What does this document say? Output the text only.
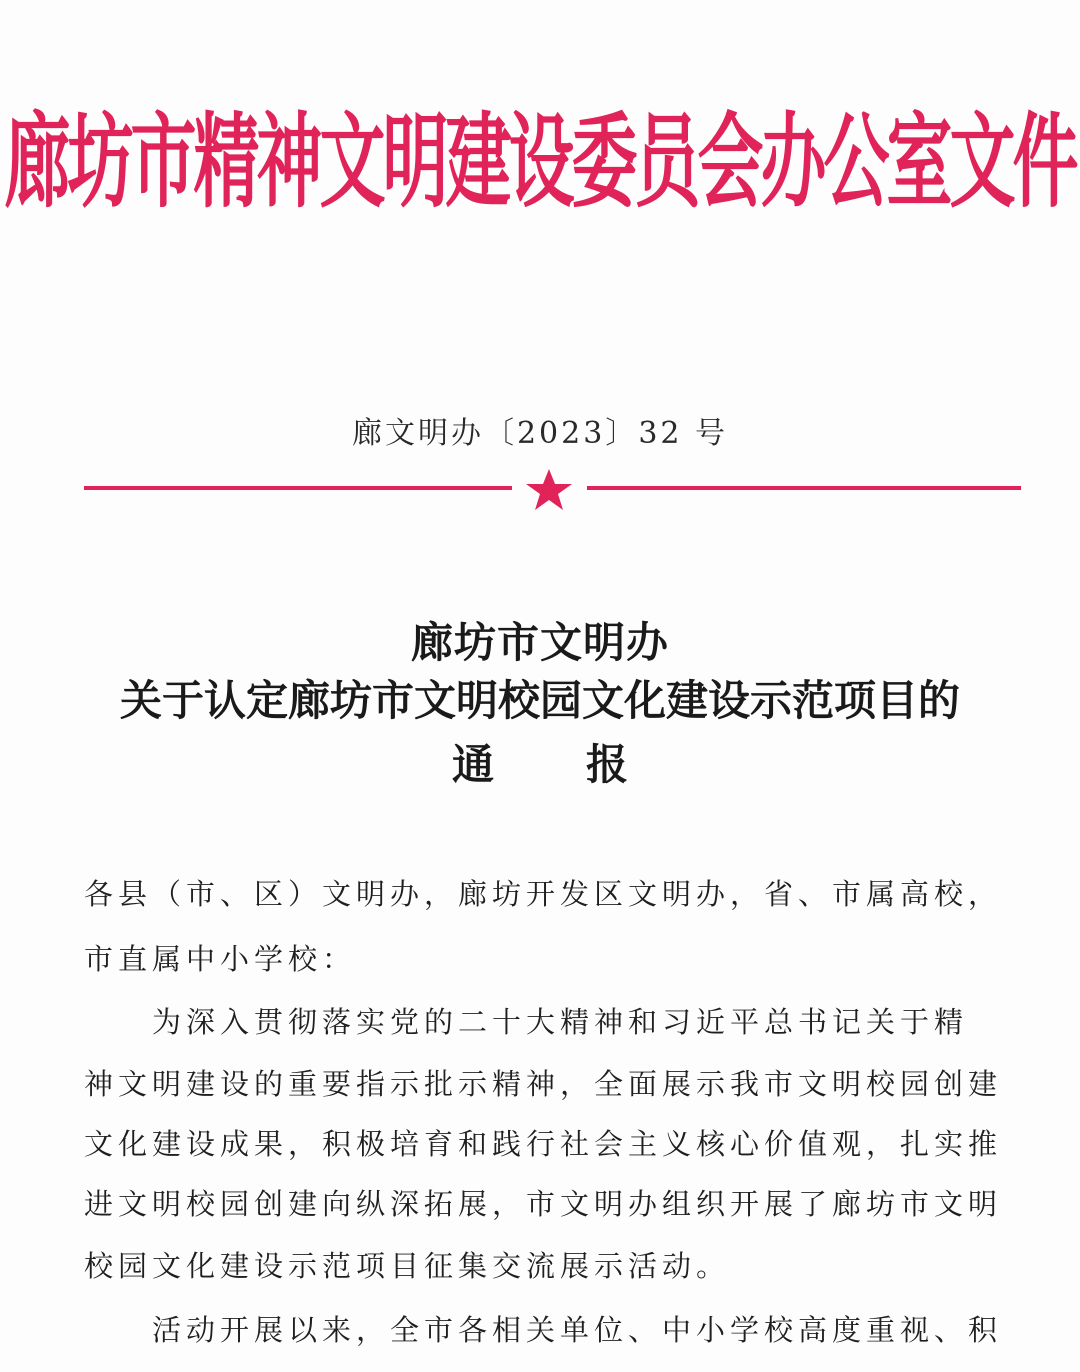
廊坊市精神文明建设委员会办公室文件
廊文明办〔2023〕32 号
廊坊市文明办
关于认定廊坊市文明校园文化建设示范项目的
通 报
各县（市、区）文明办，廊坊开发区文明办，省、市属高校，
市直属中小学校：
为深入贯彻落实党的二十大精神和习近平总书记关于精
神文明建设的重要指示批示精神，全面展示我市文明校园创建
文化建设成果，积极培育和践行社会主义核心价值观，扎实推
进文明校园创建向纵深拓展，市文明办组织开展了廊坊市文明
校园文化建设示范项目征集交流展示活动。
活动开展以来，全市各相关单位、中小学校高度重视、积
